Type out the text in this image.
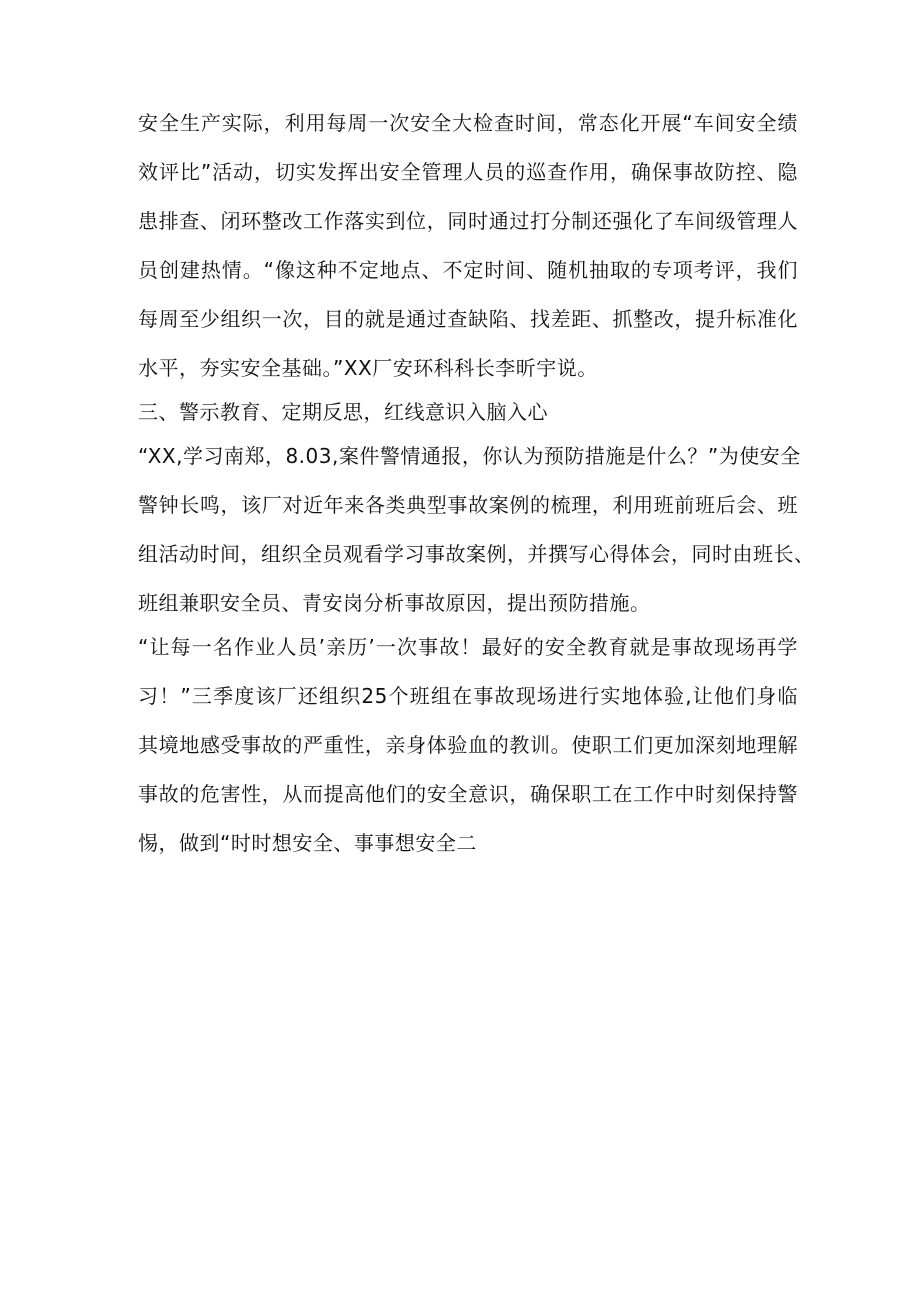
安全生产实际，利用每周一次安全大检查时间，常态化开展“车间安全绩
效评比”活动，切实发挥出安全管理人员的巡查作用，确保事故防控、隐
患排查、闭环整改工作落实到位，同时通过打分制还强化了车间级管理人
员创建热情。“像这种不定地点、不定时间、随机抽取的专项考评，我们
每周至少组织一次，目的就是通过查缺陷、找差距、抓整改，提升标准化
水平，夯实安全基础。”XX厂安环科科长李昕宇说。
三、警示教育、定期反思，红线意识入脑入心
“XX,学习南郑，8.03,案件警情通报，你认为预防措施是什么？”为使安全
警钟长鸣，该厂对近年来各类典型事故案例的梳理，利用班前班后会、班
组活动时间，组织全员观看学习事故案例，并撰写心得体会，同时由班长、
班组兼职安全员、青安岗分析事故原因，提出预防措施。
“让每一名作业人员’亲历’一次事故！最好的安全教育就是事故现场再学
习！”三季度该厂还组织25个班组在事故现场进行实地体验,让他们身临
其境地感受事故的严重性，亲身体验血的教训。使职工们更加深刻地理解
事故的危害性，从而提高他们的安全意识，确保职工在工作中时刻保持警
惕，做到“时时想安全、事事想安全二
